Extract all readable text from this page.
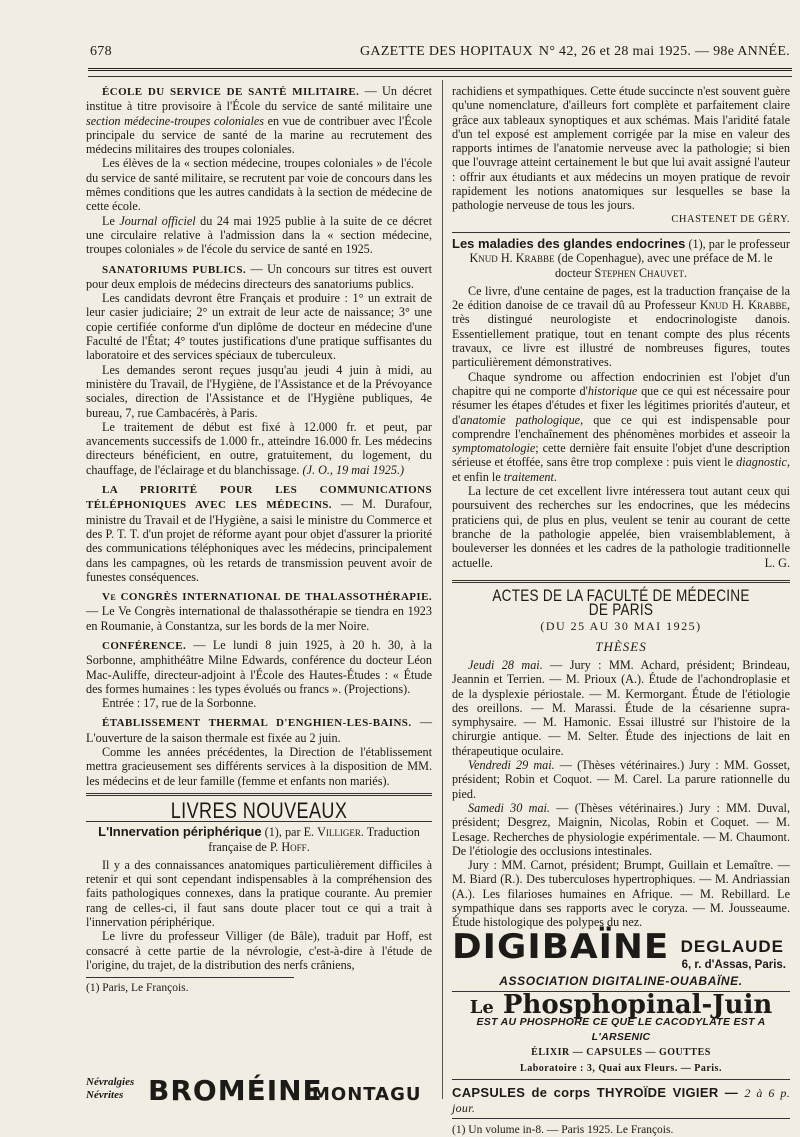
678	GAZETTE DES HOPITAUX N° 42, 26 et 28 mai 1925. — 98e ANNÉE.

ÉCOLE DU SERVICE DE SANTÉ MILITAIRE. — Un décret institue à titre provisoire à l'École du service de santé militaire une section médecine-troupes coloniales en vue de contribuer avec l'École principale du service de santé de la marine au recrutement des médecins militaires des troupes coloniales.

Les élèves de la « section médecine, troupes coloniales » de l'école du service de santé militaire, se recrutent par voie de concours dans les mêmes conditions que les autres candidats à la section de médecine de cette école.

Le Journal officiel du 24 mai 1925 publie à la suite de ce décret une circulaire relative à l'admission dans la « section médecine, troupes coloniales » de l'école du service de santé en 1925.

SANATORIUMS PUBLICS. — Un concours sur titres est ouvert pour deux emplois de médecins directeurs des sanatoriums publics.

Les candidats devront être Français et produire : 1° un extrait de leur casier judiciaire; 2° un extrait de leur acte de naissance; 3° une copie certifiée conforme d'un diplôme de docteur en médecine d'une Faculté de l'État; 4° toutes justifications d'une pratique suffisantes du laboratoire et des services spéciaux de tuberculeux.

Les demandes seront reçues jusqu'au jeudi 4 juin à midi, au ministère du Travail, de l'Hygiène, de l'Assistance et de la Prévoyance sociales, direction de l'Assistance et de l'Hygiène publiques, 4e bureau, 7, rue Cambacérès, à Paris.

Le traitement de début est fixé à 12.000 fr. et peut, par avancements successifs de 1.000 fr., atteindre 16.000 fr. Les médecins directeurs bénéficient, en outre, gratuitement, du logement, du chauffage, de l'éclairage et du blanchissage. (J. O., 19 mai 1925.)

LA PRIORITÉ POUR LES COMMUNICATIONS TÉLÉPHONIQUES AVEC LES MÉDECINS. — M. Durafour, ministre du Travail et de l'Hygiène, a saisi le ministre du Commerce et des P. T. T. d'un projet de réforme ayant pour objet d'assurer la priorité des communications téléphoniques avec les médecins, principalement dans les campagnes, où les retards de transmission peuvent avoir de funestes conséquences.

Ve CONGRÈS INTERNATIONAL DE THALASSOTHÉRAPIE. — Le Ve Congrès international de thalassothérapie se tiendra en 1923 en Roumanie, à Constantza, sur les bords de la mer Noire.

CONFÉRENCE. — Le lundi 8 juin 1925, à 20 h. 30, à la Sorbonne, amphithéâtre Milne Edwards, conférence du docteur Léon Mac-Auliffe, directeur-adjoint à l'École des Hautes-Études : « Étude des formes humaines : les types évolués ou francs ». (Projections).

Entrée : 17, rue de la Sorbonne.

ÉTABLISSEMENT THERMAL D'ENGHIEN-LES-BAINS. — L'ouverture de la saison thermale est fixée au 2 juin.

Comme les années précédentes, la Direction de l'établissement mettra gracieusement ses différents services à la disposition de MM. les médecins et de leur famille (femme et enfants non mariés).

LIVRES NOUVEAUX

L'Innervation périphérique (1), par E. Villiger. Traduction française de P. Hoff.

Il y a des connaissances anatomiques particulièrement difficiles à retenir et qui sont cependant indispensables à la compréhension des faits pathologiques connexes, dans la pratique courante. Au premier rang de celles-ci, il faut sans doute placer tout ce qui a trait à l'innervation périphérique.

Le livre du professeur Villiger (de Bâle), traduit par Hoff, est consacré à cette partie de la névrologie, c'est-à-dire à l'étude de l'origine, du trajet, de la distribution des nerfs crâniens,

(1) Paris, Le François.

Névralgies
Névrites BROMÉINE
MONTAGU

rachidiens et sympathiques. Cette étude succincte n'est souvent guère qu'une nomenclature, d'ailleurs fort complète et parfaitement claire grâce aux tableaux synoptiques et aux schémas. Mais l'aridité fatale d'un tel exposé est amplement corrigée par la mise en valeur des rapports intimes de l'anatomie nerveuse avec la pathologie; si bien que l'ouvrage atteint certainement le but que lui avait assigné l'auteur : offrir aux étudiants et aux médecins un moyen pratique de revoir rapidement les notions anatomiques sur lesquelles se base la pathologie nerveuse de tous les jours.

CHASTENET DE GÉRY.

Les maladies des glandes endocrines (1), par le professeur Knud H. Krabbe (de Copenhague), avec une préface de M. le docteur Stephen Chauvet.

Ce livre, d'une centaine de pages, est la traduction française de la 2e édition danoise de ce travail dû au Professeur Knud H. Krabbe, très distingué neurologiste et endocrinologiste danois. Essentiellement pratique, tout en tenant compte des plus récents travaux, ce livre est illustré de nombreuses figures, toutes particulièrement démonstratives.

Chaque syndrome ou affection endocrinien est l'objet d'un chapitre qui ne comporte d'historique que ce qui est nécessaire pour résumer les étapes d'études et fixer les légitimes priorités d'auteur, et d'anatomie pathologique, que ce qui est indispensable pour comprendre l'enchaînement des phénomènes morbides et asseoir la symptomatologie; cette dernière fait ensuite l'objet d'une description sérieuse et étoffée, sans être trop complexe : puis vient le diagnostic, et enfin le traitement.

La lecture de cet excellent livre intéressera tout autant ceux qui poursuivent des recherches sur les endocrines, que les médecins praticiens qui, de plus en plus, veulent se tenir au courant de cette branche de la pathologie appelée, bien vraisemblablement, à bouleverser les données et les cadres de la pathologie traditionnelle actuelle.	L. G.

ACTES DE LA FACULTÉ DE MÉDECINE DE PARIS
(DU 25 AU 30 MAI 1925)
THÈSES

Jeudi 28 mai. — Jury : MM. Achard, président; Brindeau, Jeannin et Terrien. — M. Prioux (A.). Étude de l'achondroplasie et de la dysplexie périostale. — M. Kermorgant. Étude de l'étiologie des oreillons. — M. Marassi. Étude de la césarienne supra-symphysaire. — M. Hamonic. Essai illustré sur l'histoire de la chirurgie antique. — M. Selter. Étude des injections de lait en thérapeutique oculaire.

Vendredi 29 mai. — (Thèses vétérinaires.) Jury : MM. Gosset, président; Robin et Coquot. — M. Carel. La parure rationnelle du pied.

Samedi 30 mai. — (Thèses vétérinaires.) Jury : MM. Duval, président; Desgrez, Maignin, Nicolas, Robin et Coquet. — M. Lesage. Recherches de physiologie expérimentale. — M. Chaumont. De l'étiologie des occlusions intestinales.

Jury : MM. Carnot, président; Brumpt, Guillain et Lemaître. — M. Biard (R.). Des tuberculoses hypertrophiques. — M. Andriassian (A.). Les filarioses humaines en Afrique. — M. Rebillard. Le sympathique dans ses rapports avec le coryza. — M. Jousseaume. Étude histologique des polypes du nez.

DIGIBAÏNE DEGLAUDE
6, r. d'Assas, Paris.
ASSOCIATION DIGITALINE-OUABAÏNE.
Le Phosphopinal-Juin
EST AU PHOSPHORE CE QUE LE CACODYLATE EST A L'ARSENIC
ÉLIXIR — CAPSULES — GOUTTES
Laboratoire : 3, Quai aux Fleurs. — Paris.
CAPSULES de corps THYROÏDE VIGIER — 2 à 6 p. jour.

(1) Un volume in-8. — Paris 1925. Le François.
